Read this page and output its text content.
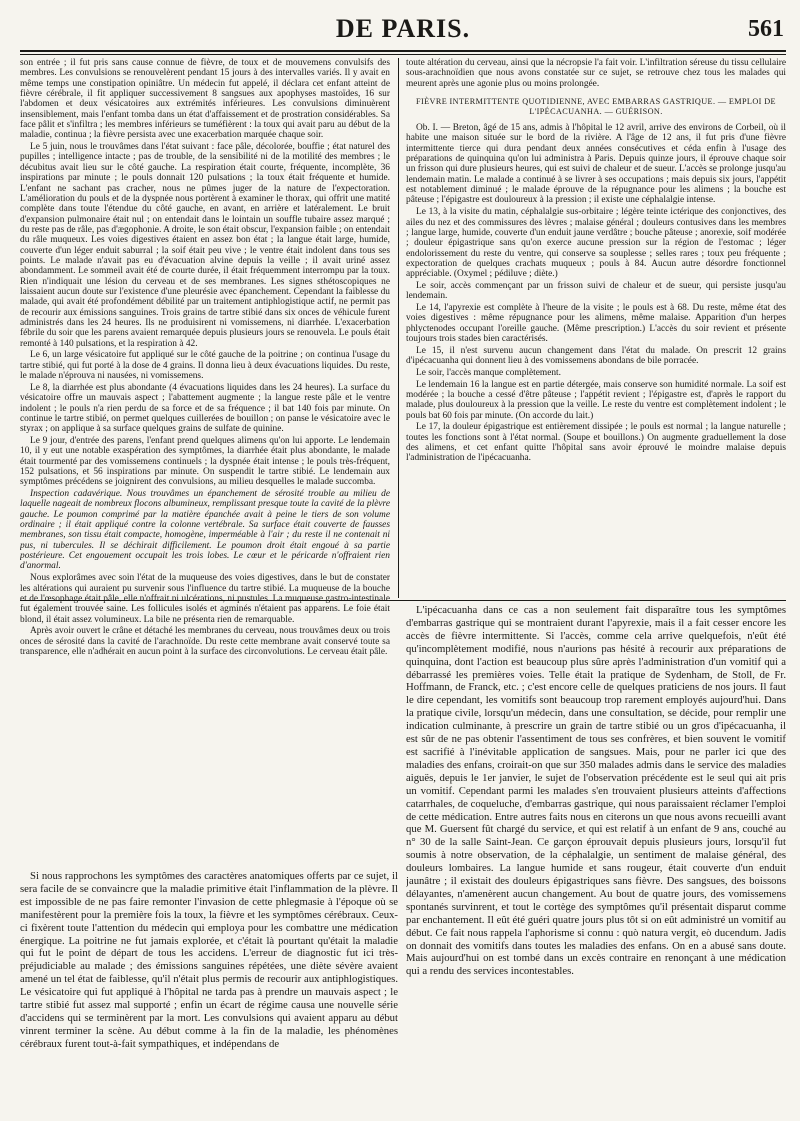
DE PARIS.	561

son entrée ; il fut pris sans cause connue de fièvre, de toux et de mouvemens convulsifs des membres. Les convulsions se renouvelèrent pendant 15 jours à des intervalles variés. Il y avait en même temps une constipation opiniâtre. Un médecin fut appelé, il déclara cet enfant atteint de fièvre cérébrale, il fit appliquer successivement 8 sangsues aux apophyses mastoïdes, 16 sur l'abdomen et deux vésicatoires aux extrémités inférieures. Les convulsions diminuèrent insensiblement, mais l'enfant tomba dans un état d'affaissement et de prostration considérables. Sa face pâlit et s'infiltra ; les membres inférieurs se tuméfièrent : la toux qui avait paru au début de la maladie, continua ; la fièvre persista avec une exacerbation marquée chaque soir.

Le 5 juin, nous le trouvâmes dans l'état suivant : face pâle, décolorée, bouffie ; état naturel des pupilles ; intelligence intacte ; pas de trouble, de la sensibilité ni de la motilité des membres ; le décubitus avait lieu sur le côté gauche. La respiration était courte, fréquente, incomplète, 36 inspirations par minute ; le pouls donnait 120 pulsations ; la toux était fréquente et humide. L'enfant ne sachant pas cracher, nous ne pûmes juger de la nature de l'expectoration. L'amélioration du pouls et de la dyspnée nous portèrent à examiner le thorax, qui offrit une matité complète dans toute l'étendue du côté gauche, en avant, en arrière et latéralement. Le bruit d'expansion pulmonaire était nul ; on entendait dans le lointain un souffle tubaire assez marqué ; du reste pas de râle, pas d'ægophonie. A droite, le son était obscur, l'expansion faible ; on entendait du râle muqueux. Les voies digestives étaient en assez bon état ; la langue était large, humide, couverte d'un léger enduit saburral ; la soif était peu vive ; le ventre était indolent dans tous ses points. Le malade n'avait pas eu d'évacuation alvine depuis la veille ; il avait uriné assez abondamment. Le sommeil avait été de courte durée, il était fréquemment interrompu par la toux. Rien n'indiquait une lésion du cerveau et de ses membranes. Les signes sthétoscopiques ne laissaient aucun doute sur l'existence d'une pleurésie avec épanchement. Cependant la faiblesse du malade, qui avait été profondément débilité par un traitement antiphlogistique actif, ne permit pas de recourir aux émissions sanguines. Trois grains de tartre stibié dans six onces de véhicule furent administrés dans les 24 heures. Ils ne produisirent ni vomissemens, ni diarrhée. L'exacerbation fébrile du soir que les parens avaient remarquée depuis plusieurs jours se renouvela. Le pouls était remonté à 140 pulsations, et la respiration à 42.

Le 6, un large vésicatoire fut appliqué sur le côté gauche de la poitrine ; on continua l'usage du tartre stibié, qui fut porté à la dose de 4 grains. Il donna lieu à deux évacuations liquides. Du reste, le malade n'éprouva ni nausées, ni vomissemens.

Le 8, la diarrhée est plus abondante (4 évacuations liquides dans les 24 heures). La surface du vésicatoire offre un mauvais aspect ; l'abattement augmente ; la langue reste pâle et le ventre indolent ; le pouls n'a rien perdu de sa force et de sa fréquence ; il bat 140 fois par minute. On continue le tartre stibié, on permet quelques cuillerées de bouillon ; on panse le vésicatoire avec le styrax ; on applique à sa surface quelques grains de sulfate de quinine.

Le 9 jour, d'entrée des parens, l'enfant prend quelques alimens qu'on lui apporte. Le lendemain 10, il y eut une notable exaspération des symptômes, la diarrhée était plus abondante, le malade était tourmenté par des vomissemens continuels ; la dyspnée était intense ; le pouls très-fréquent, 152 pulsations, et 56 inspirations par minute. On suspendit le tartre stibié. Le lendemain aux symptômes précédens se joignirent des convulsions, au milieu desquelles le malade succomba.

Inspection cadavérique. Nous trouvâmes un épanchement de sérosité trouble au milieu de laquelle nageait de nombreux flocons albumineux, remplissant presque toute la cavité de la plèvre gauche. Le poumon comprimé par la matière épanchée avait à peine le tiers de son volume ordinaire ; il était appliqué contre la colonne vertébrale. Sa surface était couverte de fausses membranes, son tissu était compacte, homogène, imperméable à l'air ; du reste il ne contenait ni pus, ni tubercules. Il se déchirait difficilement. Le poumon droit était engoué à sa partie postérieure. Cet engouement occupait les trois lobes. Le cœur et le péricarde n'offraient rien d'anormal.

Nous explorâmes avec soin l'état de la muqueuse des voies digestives, dans le but de constater les altérations qui auraient pu survenir sous l'influence du tartre stibié. La muqueuse de la bouche et de l'œsophage était pâle, elle n'offrait ni ulcérations, ni pustules. La muqueuse gastro-intestinale fut également trouvée saine. Les follicules isolés et agminés n'étaient pas apparens. Le foie était blond, il était assez volumineux. La bile ne présenta rien de remarquable.

Après avoir ouvert le crâne et détaché les membranes du cerveau, nous trouvâmes deux ou trois onces de sérosité dans la cavité de l'arachnoïde. Du reste cette membrane avait conservé toute sa transparence, elle n'adhérait en aucun point à la surface des circonvolutions. Le cerveau était pâle.

Si nous rapprochons les symptômes des caractères anatomiques offerts par ce sujet, il sera facile de se convaincre que la maladie primitive était l'inflammation de la plèvre. Il est impossible de ne pas faire remonter l'invasion de cette phlegmasie à l'époque où se manifestèrent pour la première fois la toux, la fièvre et les symptômes cérébraux. Ceux-ci fixèrent toute l'attention du médecin qui employa pour les combattre une médication énergique. La poitrine ne fut jamais explorée, et c'était là pourtant qu'était la maladie qui fut le point de départ de tous les accidens. L'erreur de diagnostic fut ici très-préjudiciable au malade ; des émissions sanguines répétées, une diète sévère avaient amené un tel état de faiblesse, qu'il n'était plus permis de recourir aux antiphlogistiques. Le vésicatoire qui fut appliqué à l'hôpital ne tarda pas à prendre un mauvais aspect ; le tartre stibié fut assez mal supporté ; enfin un écart de régime causa une nouvelle série d'accidens qui se terminèrent par la mort. Les convulsions qui avaient apparu au début vinrent terminer la scène. Au début comme à la fin de la maladie, les phénomènes cérébraux furent tout-à-fait sympathiques, et indépendans de

toute altération du cerveau, ainsi que la nécropsie l'a fait voir. L'infiltration séreuse du tissu cellulaire sous-arachnoïdien que nous avons constatée sur ce sujet, se retrouve chez tous les malades qui meurent après une agonie plus ou moins prolongée.

FIÈVRE INTERMITTENTE QUOTIDIENNE, AVEC EMBARRAS GASTRIQUE. — EMPLOI DE L'IPÉCACUANHA. — GUÉRISON.

Ob. I. — Breton, âgé de 15 ans, admis à l'hôpital le 12 avril, arrive des environs de Corbeil, où il habite une maison située sur le bord de la rivière. A l'âge de 12 ans, il fut pris d'une fièvre intermittente tierce qui dura pendant deux années consécutives et céda enfin à l'usage des préparations de quinquina qu'on lui administra à Paris. Depuis quinze jours, il éprouve chaque soir un frisson qui dure plusieurs heures, qui est suivi de chaleur et de sueur. L'accès se prolonge jusqu'au lendemain matin. Le malade a continué à se livrer à ses occupations ; mais depuis six jours, l'appétit est notablement diminué ; le malade éprouve de la répugnance pour les alimens ; la bouche est pâteuse ; l'épigastre est douloureux à la pression ; il existe une céphalalgie intense.

Le 13, à la visite du matin, céphalalgie sus-orbitaire ; légère teinte ictérique des conjonctives, des ailes du nez et des commissures des lèvres ; malaise général ; douleurs contusives dans les membres ; langue large, humide, couverte d'un enduit jaune verdâtre ; bouche pâteuse ; anorexie, soif modérée ; douleur épigastrique sans qu'on exerce aucune pression sur la région de l'estomac ; léger endolorissement du reste du ventre, qui conserve sa souplesse ; selles rares ; toux peu fréquente ; expectoration de quelques crachats muqueux ; pouls à 84. Aucun autre désordre fonctionnel appréciable. (Oxymel ; pédiluve ; diète.)

Le soir, accès commençant par un frisson suivi de chaleur et de sueur, qui persiste jusqu'au lendemain.

Le 14, l'apyrexie est complète à l'heure de la visite ; le pouls est à 68. Du reste, même état des voies digestives : même répugnance pour les alimens, même malaise. Apparition d'un herpes phlyctenodes occupant l'oreille gauche. (Même prescription.) L'accès du soir revient et présente toujours trois stades bien caractérisés.

Le 15, il n'est survenu aucun changement dans l'état du malade. On prescrit 12 grains d'ipécacuanha qui donnent lieu à des vomissemens abondans de bile porracée.

Le soir, l'accès manque complètement.

Le lendemain 16 la langue est en partie détergée, mais conserve son humidité normale. La soif est modérée ; la bouche a cessé d'être pâteuse ; l'appétit revient ; l'épigastre est, d'après le rapport du malade, plus douloureux à la pression que la veille. Le reste du ventre est complètement indolent ; le pouls bat 60 fois par minute. (On accorde du lait.)

Le 17, la douleur épigastrique est entièrement dissipée ; le pouls est normal ; la langue naturelle ; toutes les fonctions sont à l'état normal. (Soupe et bouillons.) On augmente graduellement la dose des alimens, et cet enfant quitte l'hôpital sans avoir éprouvé le moindre malaise depuis l'administration de l'ipécacuanha.

L'ipécacuanha dans ce cas a non seulement fait disparaître tous les symptômes d'embarras gastrique qui se montraient durant l'apyrexie, mais il a fait cesser encore les accès de fièvre intermittente. Si l'accès, comme cela arrive quelquefois, n'eût été qu'incomplètement modifié, nous n'aurions pas hésité à recourir aux préparations de quinquina, dont l'action est beaucoup plus sûre après l'administration d'un vomitif qui a débarrassé les premières voies. Telle était la pratique de Sydenham, de Stoll, de Fr. Hoffmann, de Franck, etc. ; c'est encore celle de quelques praticiens de nos jours. Il faut le dire cependant, les vomitifs sont beaucoup trop rarement employés aujourd'hui. Dans la pratique civile, lorsqu'un médecin, dans une consultation, se décide, pour remplir une indication culminante, à prescrire un grain de tartre stibié ou un gros d'ipécacuanha, il est sûr de ne pas obtenir l'assentiment de tous ses confrères, et bien souvent le vomitif est sacrifié à l'inévitable application de sangsues. Mais, pour ne parler ici que des maladies des enfans, croirait-on que sur 350 malades admis dans le service des maladies aiguës, depuis le 1er janvier, le sujet de l'observation précédente est le seul qui ait pris un vomitif. Cependant parmi les malades s'en trouvaient plusieurs atteints d'affections catarrhales, de coqueluche, d'embarras gastrique, qui nous paraissaient réclamer l'emploi de cette médication. Entre autres faits nous en citerons un que nous avons recueilli avant que M. Guersent fût chargé du service, et qui est relatif à un enfant de 9 ans, couché au n° 30 de la salle Saint-Jean. Ce garçon éprouvait depuis plusieurs jours, lorsqu'il fut soumis à notre observation, de la céphalalgie, un sentiment de malaise général, des douleurs lombaires. La langue humide et sans rougeur, était couverte d'un enduit jaunâtre ; il existait des douleurs épigastriques sans fièvre. Des sangsues, des boissons délayantes, n'amenèrent aucun changement. Au bout de quatre jours, des vomissemens spontanés survinrent, et tout le cortège des symptômes qu'il présentait disparut comme par enchantement. Il eût été guéri quatre jours plus tôt si on eût administré un vomitif au début. Ce fait nous rappela l'aphorisme si connu : quò natura vergit, eò ducendum. Jadis on donnait des vomitifs dans toutes les maladies des enfans. On en a abusé sans doute. Mais aujourd'hui on est tombé dans un excès contraire en renonçant à une médication qui a rendu des services incontestables.
